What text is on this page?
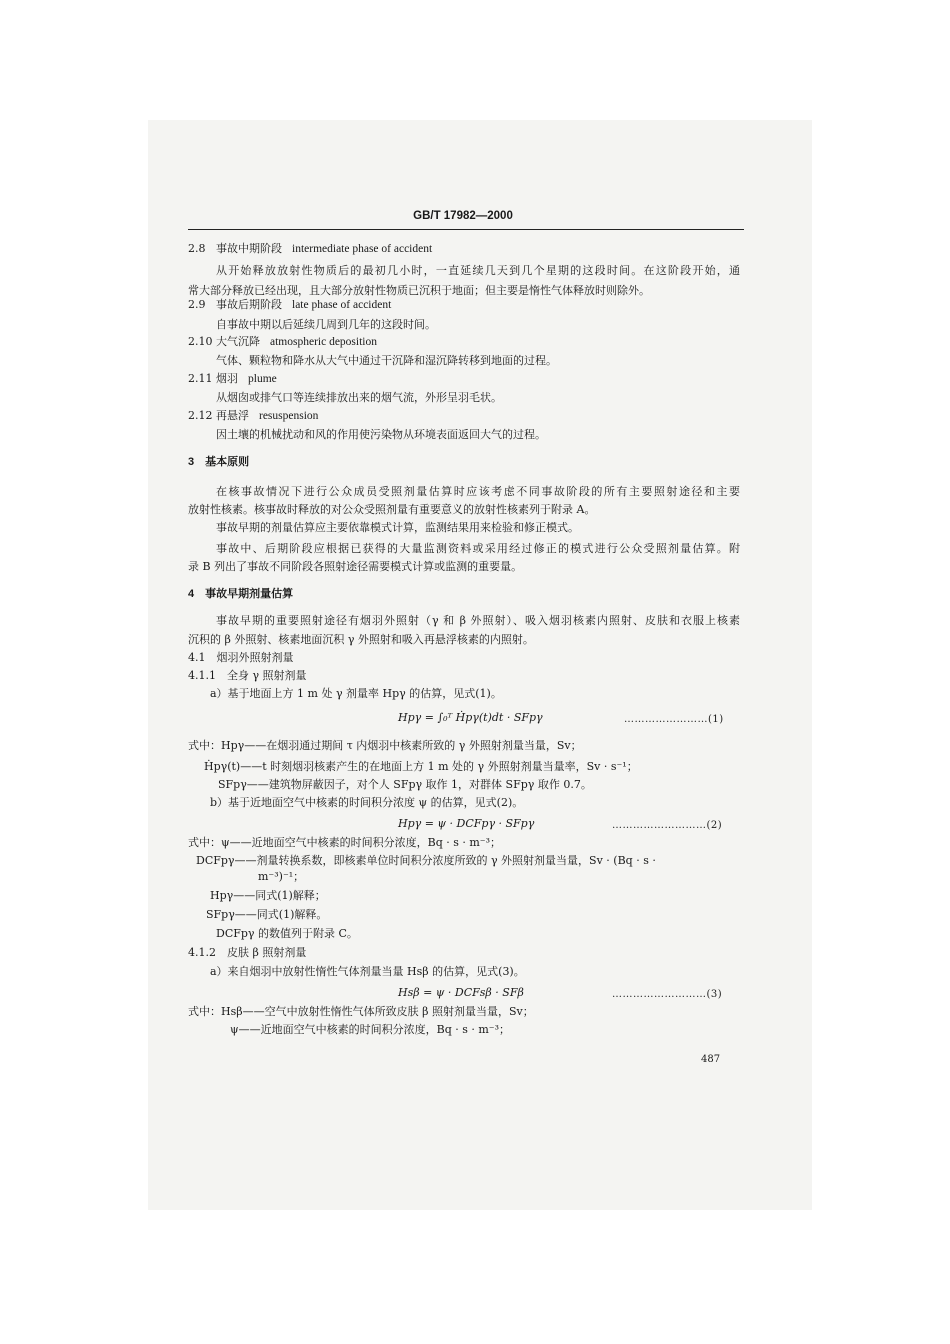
GB/T 17982—2000
2.8 事故中期阶段 intermediate phase of accident
从开始释放放射性物质后的最初几小时，一直延续几天到几个星期的这段时间。在这阶段开始，通
常大部分释放已经出现，且大部分放射性物质已沉积于地面；但主要是惰性气体释放时则除外。
2.9 事故后期阶段 late phase of accident
自事故中期以后延续几周到几年的这段时间。
2.10 大气沉降 atmospheric deposition
气体、颗粒物和降水从大气中通过干沉降和湿沉降转移到地面的过程。
2.11 烟羽 plume
从烟囱或排气口等连续排放出来的烟气流，外形呈羽毛状。
2.12 再悬浮 resuspension
因土壤的机械扰动和风的作用使污染物从环境表面返回大气的过程。
3　基本原则
在核事故情况下进行公众成员受照剂量估算时应该考虑不同事故阶段的所有主要照射途径和主要
放射性核素。核事故时释放的对公众受照剂量有重要意义的放射性核素列于附录 A。
事故早期的剂量估算应主要依靠模式计算，监测结果用来检验和修正模式。
事故中、后期阶段应根据已获得的大量监测资料或采用经过修正的模式进行公众受照剂量估算。附
录 B 列出了事故不同阶段各照射途径需要模式计算或监测的重要量。
4　事故早期剂量估算
事故早期的重要照射途径有烟羽外照射（γ 和 β 外照射）、吸入烟羽核素内照射、皮肤和衣服上核素
沉积的 β 外照射、核素地面沉积 γ 外照射和吸入再悬浮核素的内照射。
4.1　烟羽外照射剂量
4.1.1　全身 γ 照射剂量
a）基于地面上方 1 m 处 γ 剂量率 Hpγ 的估算，见式(1)。
Hpγ = ∫₀ᵀ Ḣpγ(t)dt · SFpγ	……………………(1)
式中：Hpγ——在烟羽通过期间 τ 内烟羽中核素所致的 γ 外照射剂量当量，Sv；
Ḣpγ(t)——t 时刻烟羽核素产生的在地面上方 1 m 处的 γ 外照射剂量当量率，Sv · s⁻¹；
SFpγ——建筑物屏蔽因子，对个人 SFpγ 取作 1，对群体 SFpγ 取作 0.7。
b）基于近地面空气中核素的时间积分浓度 ψ 的估算，见式(2)。
Hpγ = ψ · DCFpγ · SFpγ	………………………(2)
式中：ψ——近地面空气中核素的时间积分浓度，Bq · s · m⁻³；
DCFpγ——剂量转换系数，即核素单位时间积分浓度所致的 γ 外照射剂量当量，Sv · (Bq · s ·
m⁻³)⁻¹；
Hpγ——同式(1)解释；
SFpγ——同式(1)解释。
DCFpγ 的数值列于附录 C。
4.1.2　皮肤 β 照射剂量
a）来自烟羽中放射性惰性气体剂量当量 Hsβ 的估算，见式(3)。
Hsβ = ψ · DCFsβ · SFβ	………………………(3)
式中：Hsβ——空气中放射性惰性气体所致皮肤 β 照射剂量当量，Sv；
ψ——近地面空气中核素的时间积分浓度，Bq · s · m⁻³；
487
